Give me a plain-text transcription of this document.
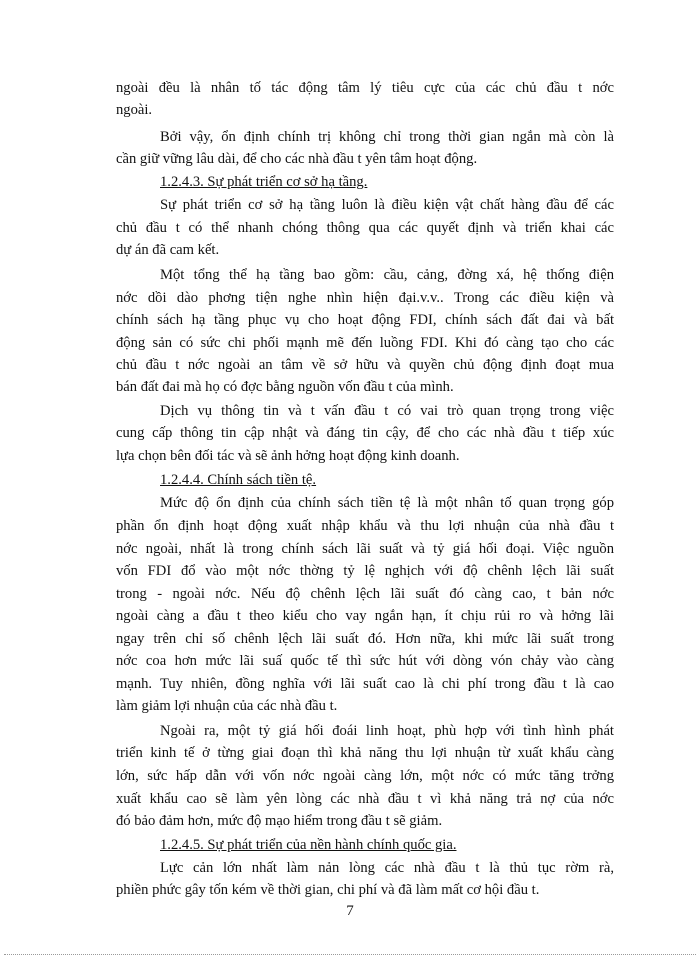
ngoài đều là nhân tố tác động tâm lý tiêu cực của các chủ đầu t nớc
ngoài.
Bởi vậy, ổn định chính trị không chỉ trong thời gian ngắn mà còn là
cần giữ vững lâu dài, để cho các nhà đầu t yên tâm hoạt động.
1.2.4.3. Sự phát triển cơ sở hạ tầng.
Sự phát triển cơ sở hạ tầng luôn là điều kiện vật chất hàng đầu để các
chủ đầu t có thể nhanh chóng thông qua các quyết định và triển khai các
dự án đã cam kết.
Một tổng thể hạ tầng bao gồm: cầu, cảng, đờng xá, hệ thống điện
nớc dồi dào phơng tiện nghe nhìn hiện đại.v.v.. Trong các điều kiện và
chính sách hạ tầng phục vụ cho hoạt động FDI, chính sách đất đai và bất
động sản có sức chi phối mạnh mẽ đến luồng FDI. Khi đó càng tạo cho các
chủ đầu t nớc ngoài an tâm về sở hữu và quyền chủ động định đoạt mua
bán đất đai mà họ có đợc bằng nguồn vốn đầu t của mình.
Dịch vụ thông tin và t vấn đầu t có vai trò quan trọng trong việc
cung cấp thông tin cập nhật và đáng tin cậy, để cho các nhà đầu t tiếp xúc
lựa chọn bên đối tác và sẽ ảnh hởng hoạt động kinh doanh.
1.2.4.4. Chính sách tiền tệ.
Mức độ ổn định của chính sách tiền tệ là một nhân tố quan trọng góp
phần ổn định hoạt động xuất nhập khẩu và thu lợi nhuận của nhà đầu t
nớc ngoài, nhất là trong chính sách lãi suất và tỷ giá hối đoại. Việc nguồn
vốn FDI đổ vào một nớc thờng tỷ lệ nghịch với độ chênh lệch lãi suất
trong - ngoài nớc. Nếu độ chênh lệch lãi suất đó càng cao, t bản nớc
ngoài càng a đầu t theo kiểu cho vay ngắn hạn, ít chịu rủi ro và hởng lãi
ngay trên chỉ số chênh lệch lãi suất đó. Hơn nữa, khi mức lãi suất trong
nớc coa hơn mức lãi suấ quốc tế thì sức hút với dòng vón chảy vào càng
mạnh. Tuy nhiên, đồng nghĩa với lãi suất cao là chi phí trong đầu t là cao
làm giảm lợi nhuận của các nhà đầu t.
Ngoài ra, một tỷ giá hối đoái linh hoạt, phù hợp với tình hình phát
triển kinh tế ở từng giai đoạn thì khả năng thu lợi nhuận từ xuất khẩu càng
lớn, sức hấp dẫn với vốn nớc ngoài càng lớn, một nớc có mức tăng trởng
xuất khẩu cao sẽ làm yên lòng các nhà đầu t vì khả năng trả nợ của nớc
đó bảo đảm hơn, mức độ mạo hiểm trong đầu t sẽ giảm.
1.2.4.5. Sự phát triển của nền hành chính quốc gia.
Lực cản lớn nhất làm nản lòng các nhà đầu t là thủ tục rờm rà,
phiền phức gây tốn kém về thời gian, chi phí và đã làm mất cơ hội đầu t.
7
